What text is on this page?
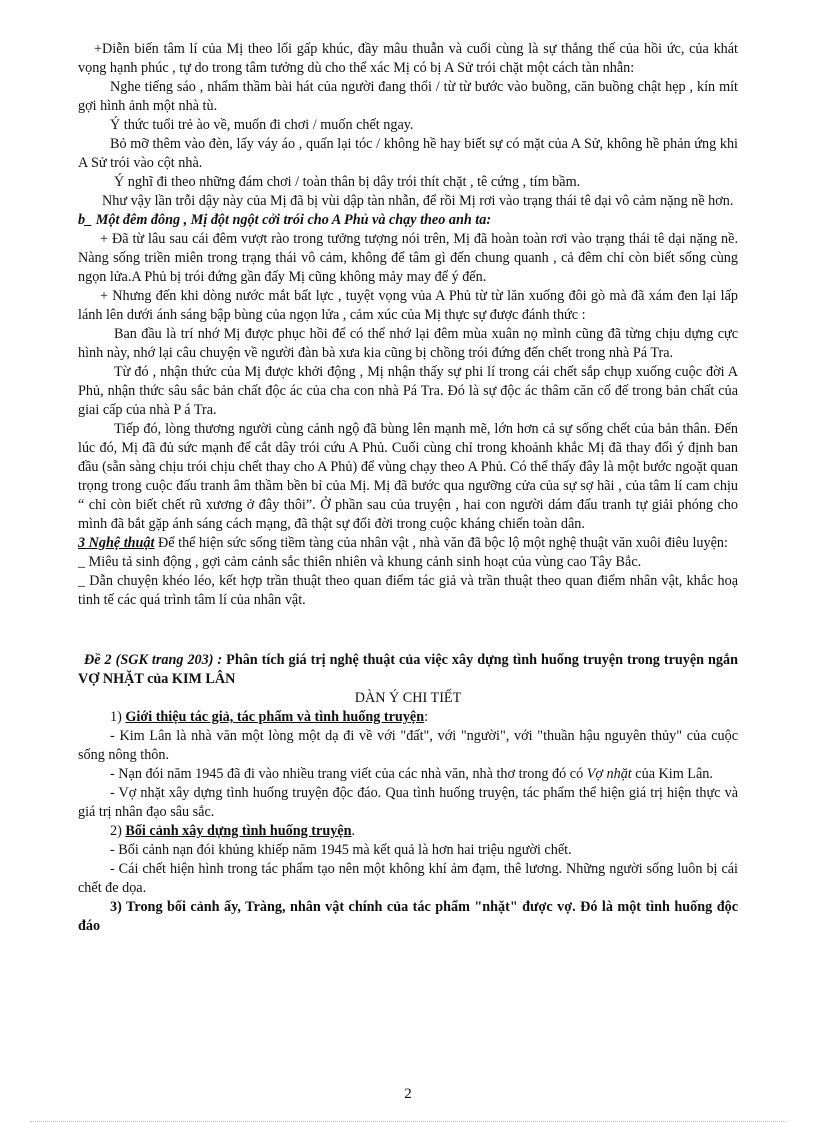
+Diễn biến tâm lí của Mị theo lối gấp khúc, đầy mâu thuẫn và cuối cùng là sự thắng thế của hồi ức, của khát vọng hạnh phúc , tự do trong tâm tưởng dù cho thể xác Mị có bị A Sử trói chặt một cách tàn nhẫn:

Nghe tiếng sáo , nhẩm thầm bài hát của người đang thổi / từ từ bước vào buồng, căn buồng chật hẹp , kín mít gợi hình ảnh một nhà tù.

Ý thức tuổi trẻ ào về, muốn đi chơi / muốn chết ngay.

Bỏ mỡ thêm vào đèn, lấy váy áo , quấn lại tóc / không hề hay biết sự có mặt của A Sử, không hề phản ứng khi A Sử trói vào cột nhà.

Ý nghĩ đi theo những đám chơi / toàn thân bị dây trói thít chặt , tê cứng , tím bầm.

Như vậy lần trỗi dậy này của Mị đã bị vùi dập tàn nhẫn, để rồi Mị rơi vào trạng thái tê dại vô cảm nặng nề hơn.

b_ Một đêm đông , Mị đột ngột cởi trói cho A Phủ và chạy theo anh ta:

+ Đã từ lâu sau cái đêm vượt rào trong tưởng tượng nói trên, Mị đã hoàn toàn rơi vào trạng thái tê dại nặng nề. Nàng sống triền miên trong trạng thái vô cảm, không để tâm gì đến chung quanh , cả đêm chỉ còn biết sống cùng ngọn lửa.A Phủ bị trói đứng gần đấy Mị cũng không mảy may để ý đến.

+ Nhưng đến khi dòng nước mắt bất lực , tuyệt vọng vủa A Phủ từ từ lăn xuống đôi gò mà đã xám đen lại lấp lánh lên dưới ánh sáng bập bùng của ngọn lửa , cảm xúc của Mị thực sự được đánh thức :

Ban đầu là trí nhớ Mị được phục hồi để có thể nhớ lại đêm mùa xuân nọ mình cũng đã từng chịu dựng cực hình này, nhớ lại câu chuyện về người đàn bà xưa kia cũng bị chồng trói đứng đến chết trong nhà Pá Tra.

Từ đó , nhận thức của Mị được khởi động , Mị nhận thấy sự phi lí trong cái chết sắp chụp xuống cuộc đời A Phủ, nhận thức sâu sắc bản chất độc ác của cha con nhà Pá Tra. Đó là sự độc ác thâm căn cố đế trong bản chất của giai cấp của nhà P á Tra.

Tiếp đó, lòng thương người cùng cảnh ngộ đã bùng lên mạnh mẽ, lớn hơn cả sự sống chết của bản thân. Đến lúc đó, Mị đã đủ sức mạnh để cắt dây trói cứu A Phủ. Cuối cùng chỉ trong khoảnh khắc Mị đã thay đổi ý định ban đầu (sẵn sàng chịu trói chịu chết thay cho A Phủ) để vùng chạy theo A Phủ. Có thể thấy đây là một bước ngoặt quan trọng trong cuộc đấu tranh âm thầm bền bỉ của Mị. Mị đã bước qua ngưỡng cửa của sự sợ hãi , của tâm lí cam chịu “ chỉ còn biết chết rũ xương ở đây thôi”. Ở phần sau của truyện , hai con người dám đấu tranh tự giải phóng cho mình đã bắt gặp ánh sáng cách mạng, đã thật sự đổi đời trong cuộc kháng chiến toàn dân.

3 Nghệ thuật Để thể hiện sức sống tiềm tàng của nhân vật , nhà văn đã bộc lộ một nghệ thuật văn xuôi điêu luyện:

_ Miêu tả sinh động , gợi cảm cảnh sắc thiên nhiên và khung cảnh sinh hoạt của vùng cao Tây Bắc.

_ Dẫn chuyện khéo léo, kết hợp trần thuật theo quan điểm tác giả và trần thuật theo quan điểm nhân vật, khắc hoạ tinh tế các quá trình tâm lí của nhân vật.

Đề 2 (SGK trang 203) : Phân tích giá trị nghệ thuật của việc xây dựng tình huống truyện trong truyện ngắn VỢ NHẶT của KIM LÂN

DÀN Ý CHI TIẾT

1) Giới thiệu tác giả, tác phẩm và tình huống truyện:

- Kim Lân là nhà văn một lòng một dạ đi về với "đất", với "người", với "thuần hậu nguyên thủy" của cuộc sống nông thôn.

- Nạn đói năm 1945 đã đi vào nhiều trang viết của các nhà văn, nhà thơ trong đó có Vợ nhặt của Kim Lân.

- Vợ nhặt xây dựng tình huống truyện độc đáo. Qua tình huống truyện, tác phẩm thể hiện giá trị hiện thực và giá trị nhân đạo sâu sắc.

2) Bối cảnh xây dựng tình huống truyện.

- Bối cảnh nạn đói khủng khiếp năm 1945 mà kết quả là hơn hai triệu người chết.

- Cái chết hiện hình trong tác phẩm tạo nên một không khí ảm đạm, thê lương. Những người sống luôn bị cái chết đe dọa.

3) Trong bối cảnh ấy, Tràng, nhân vật chính của tác phẩm "nhặt" được vợ. Đó là một tình huống độc đáo

2
